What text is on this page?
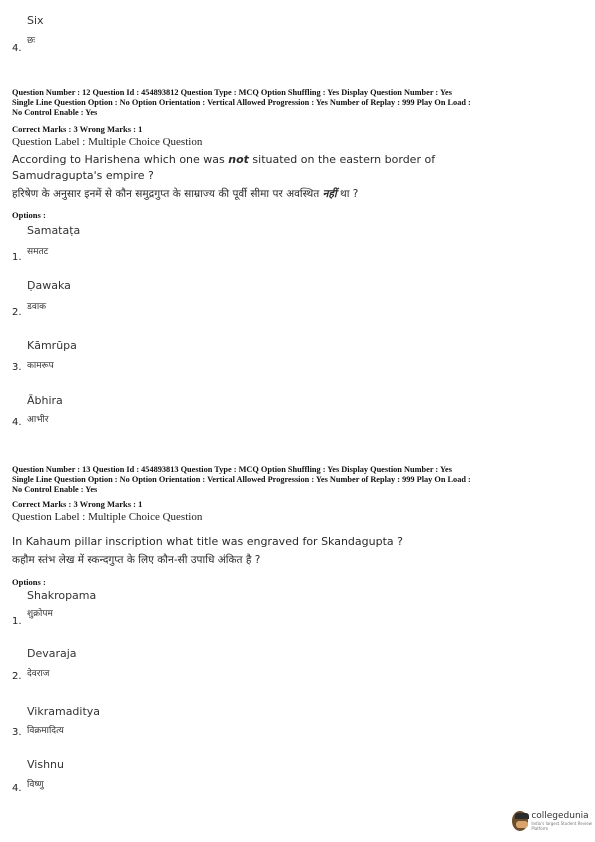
Six
छः
4.
Question Number : 12 Question Id : 454893812 Question Type : MCQ Option Shuffling : Yes Display Question Number : Yes
Single Line Question Option : No Option Orientation : Vertical Allowed Progression : Yes Number of Replay : 999 Play On Load :
No Control Enable : Yes
Correct Marks : 3 Wrong Marks : 1
Question Label : Multiple Choice Question
According to Harishena which one was not situated on the eastern border of
Samudragupta's empire ?
हरिषेण के अनुसार इनमें से कौन समुद्रगुप्त के साम्राज्य की पूर्वी सीमा पर अवस्थित नहीं था ?
Options :
Samataṭa
समतट
1.
Ḍawaka
डवाक
2.
Kāmrūpa
कामरूप
3.
Ābhira
आभीर
4.
Question Number : 13 Question Id : 454893813 Question Type : MCQ Option Shuffling : Yes Display Question Number : Yes
Single Line Question Option : No Option Orientation : Vertical Allowed Progression : Yes Number of Replay : 999 Play On Load :
No Control Enable : Yes
Correct Marks : 3 Wrong Marks : 1
Question Label : Multiple Choice Question
In Kahaum pillar inscription what title was engraved for Skandagupta ?
कहौम स्तंभ लेख में स्कन्दगुप्त के लिए कौन-सी उपाधि अंकित है ?
Options :
Shakropama
शुक्रोपम
1.
Devaraja
देवराज
2.
Vikramaditya
विक्रमादित्य
3.
Vishnu
विष्णु
4.
collegedunia
India's largest Student Review Platform
